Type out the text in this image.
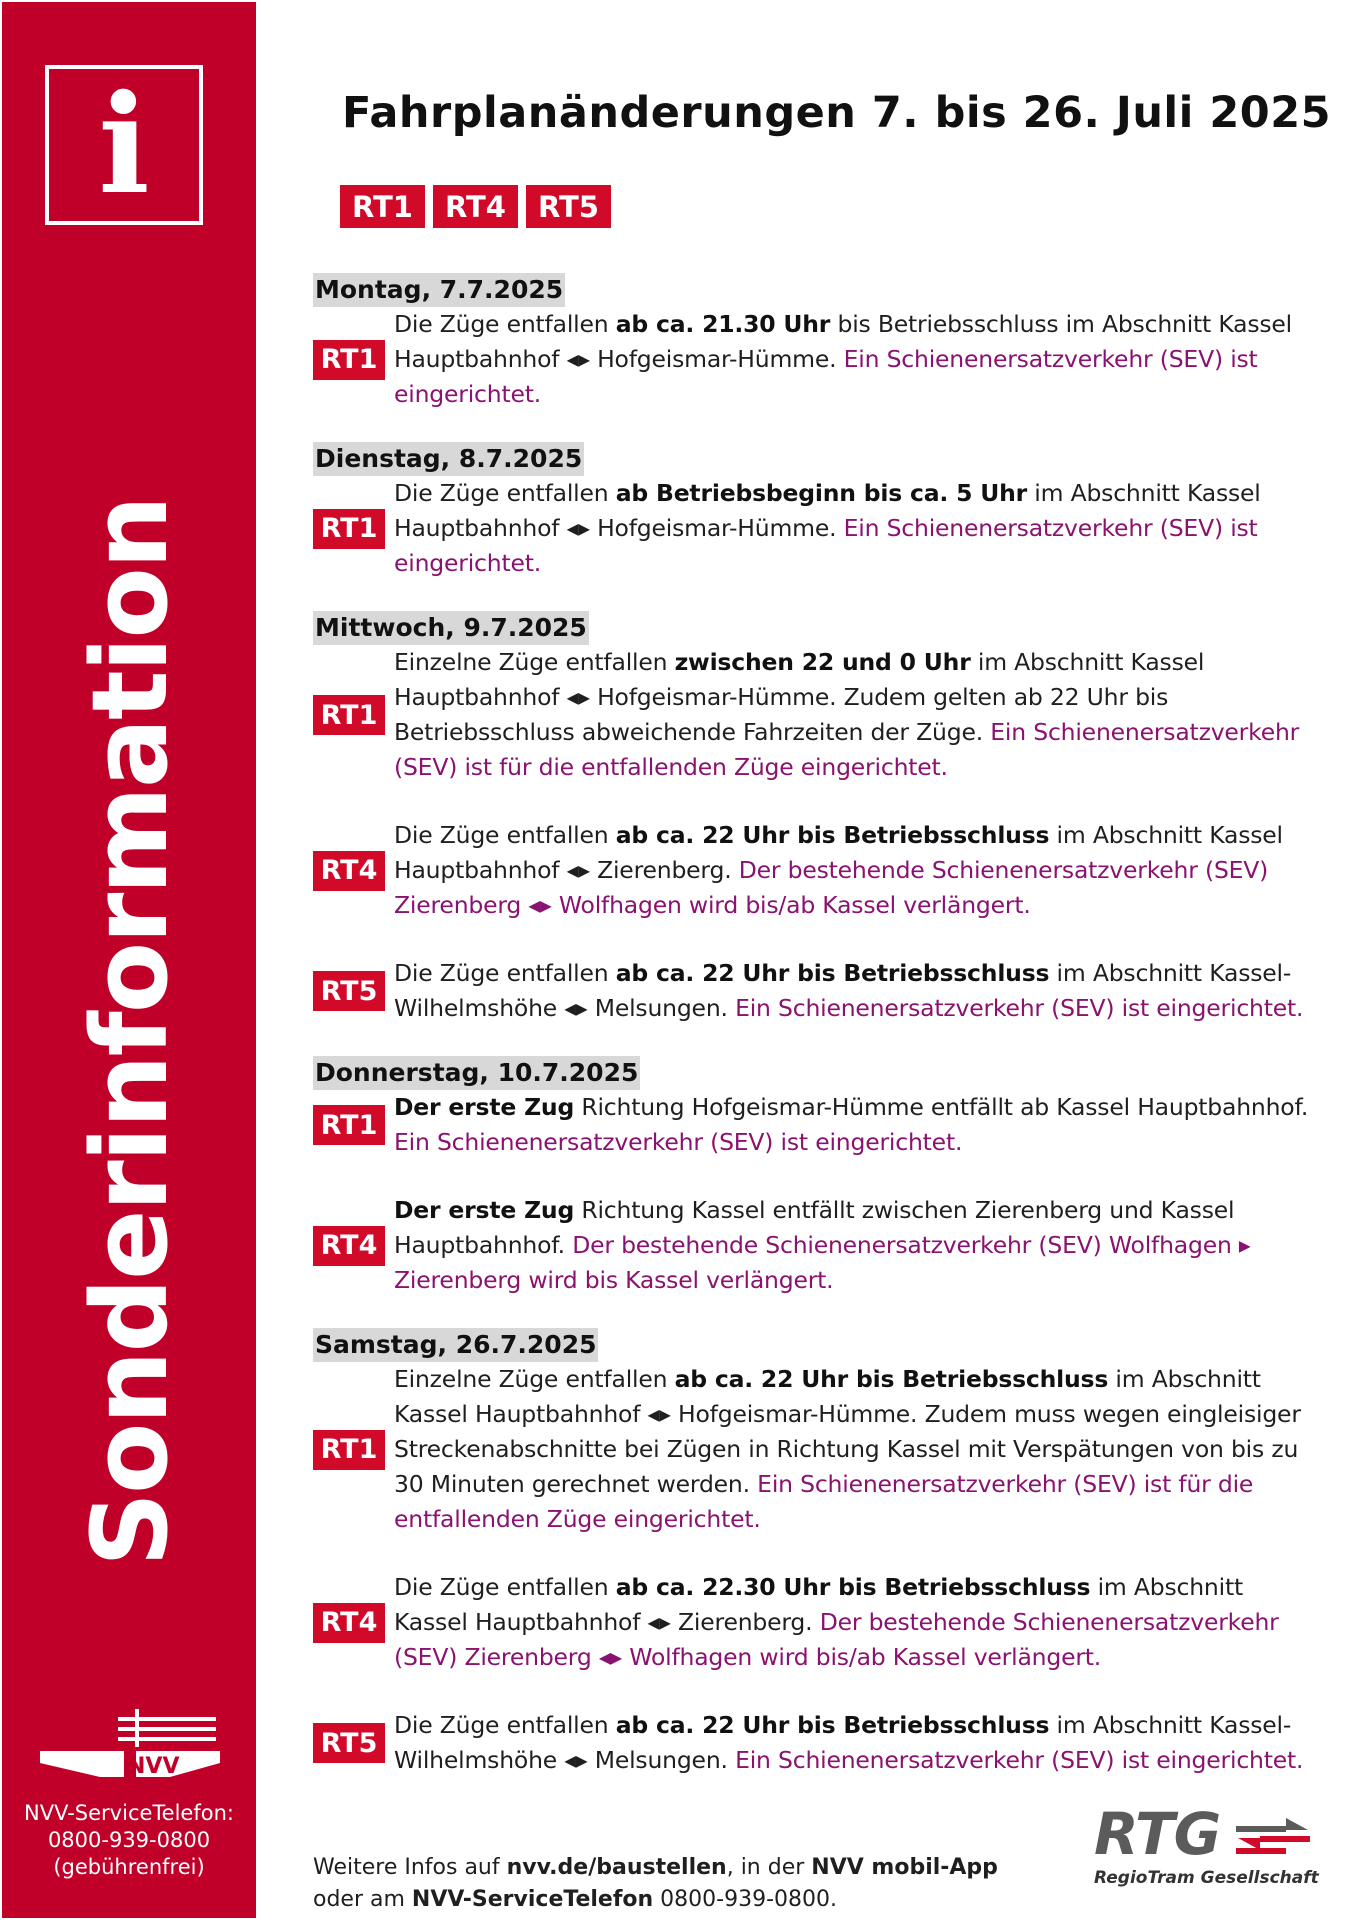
i
Sonderinformation
NVV
NVV-ServiceTelefon:
0800-939-0800
(gebührenfrei)
Fahrplanänderungen 7. bis 26. Juli 2025
RT1	RT4	RT5
Montag, 7.7.2025
RT1
Die Züge entfallen ab ca. 21.30 Uhr bis Betriebsschluss im Abschnitt Kassel Hauptbahnhof ◂▸ Hofgeismar-Hümme. Ein Schienenersatzverkehr (SEV) ist eingerichtet.
Dienstag, 8.7.2025
RT1
Die Züge entfallen ab Betriebsbeginn bis ca. 5 Uhr im Abschnitt Kassel Hauptbahnhof ◂▸ Hofgeismar-Hümme. Ein Schienenersatzverkehr (SEV) ist eingerichtet.
Mittwoch, 9.7.2025
RT1
Einzelne Züge entfallen zwischen 22 und 0 Uhr im Abschnitt Kassel Hauptbahnhof ◂▸ Hofgeismar-Hümme. Zudem gelten ab 22 Uhr bis Betriebsschluss abweichende Fahrzeiten der Züge. Ein Schienenersatzverkehr (SEV) ist für die entfallenden Züge eingerichtet.
RT4
Die Züge entfallen ab ca. 22 Uhr bis Betriebsschluss im Abschnitt Kassel Hauptbahnhof ◂▸ Zierenberg. Der bestehende Schienenersatzverkehr (SEV) Zierenberg ◂▸ Wolfhagen wird bis/ab Kassel verlängert.
RT5
Die Züge entfallen ab ca. 22 Uhr bis Betriebsschluss im Abschnitt Kassel-Wilhelmshöhe ◂▸ Melsungen. Ein Schienenersatzverkehr (SEV) ist eingerichtet.
Donnerstag, 10.7.2025
RT1
Der erste Zug Richtung Hofgeismar-Hümme entfällt ab Kassel Hauptbahnhof. Ein Schienenersatzverkehr (SEV) ist eingerichtet.
RT4
Der erste Zug Richtung Kassel entfällt zwischen Zierenberg und Kassel Hauptbahnhof. Der bestehende Schienenersatzverkehr (SEV) Wolfhagen ▸ Zierenberg wird bis Kassel verlängert.
Samstag, 26.7.2025
RT1
Einzelne Züge entfallen ab ca. 22 Uhr bis Betriebsschluss im Abschnitt Kassel Hauptbahnhof ◂▸ Hofgeismar-Hümme. Zudem muss wegen eingleisiger Streckenabschnitte bei Zügen in Richtung Kassel mit Verspätungen von bis zu 30 Minuten gerechnet werden. Ein Schienenersatzverkehr (SEV) ist für die entfallenden Züge eingerichtet.
RT4
Die Züge entfallen ab ca. 22.30 Uhr bis Betriebsschluss im Abschnitt Kassel Hauptbahnhof ◂▸ Zierenberg. Der bestehende Schienenersatzverkehr (SEV) Zierenberg ◂▸ Wolfhagen wird bis/ab Kassel verlängert.
RT5
Die Züge entfallen ab ca. 22 Uhr bis Betriebsschluss im Abschnitt Kassel-Wilhelmshöhe ◂▸ Melsungen. Ein Schienenersatzverkehr (SEV) ist eingerichtet.
Weitere Infos auf nvv.de/baustellen, in der NVV mobil-App
oder am NVV-ServiceTelefon 0800-939-0800.
RTG
RegioTram Gesellschaft
